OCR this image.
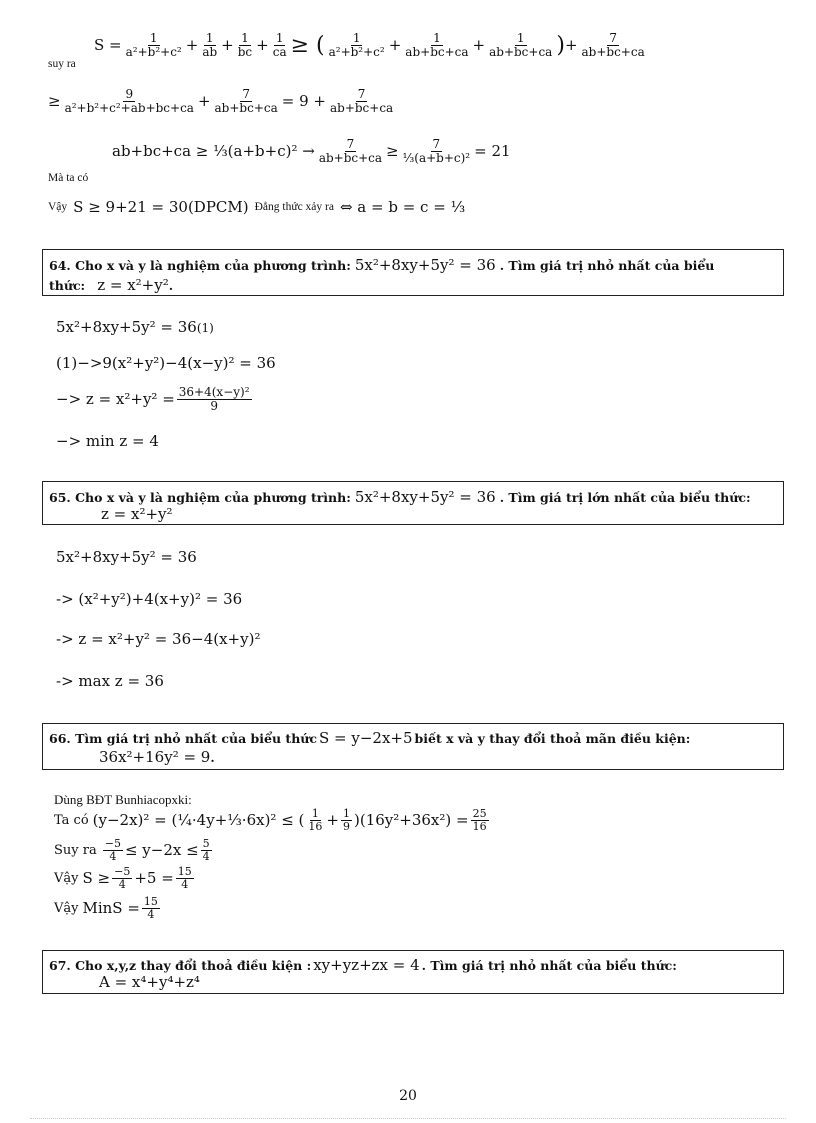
suy ra
$S = \frac{1}{\text{a²+b²+c²}} + \frac{1}{ab} + \frac{1}{bc} + \frac{1}{ca}$ ≥ ( $\frac{1}{\text{a²+b²+c²}} + \frac{1}{ab+bc+ca} + \frac{1}{ab+bc+ca}$ ) + $\frac{7}{ab+bc+ca}$
≥ $\frac{9}{\text{a²+b²+c²+ab+bc+ca}} + \frac{7}{ab+bc+ca} = 9 + \frac{7}{ab+bc+ca}$
Mà ta có
ab+bc+ca ≥ ⅓(a+b+c)² → $\frac{7}{ab+bc+ca} \ge \frac{7}{\text{⅓(a+b+c)²}} = 21$
Vậy S ≥ 9+21 = 30(DPCM) Đẳng thức xảy ra ⇔ a = b = c = ⅓
64. Cho x và y là nghiệm của phương trình: 5x²+8xy+5y² = 36 . Tìm giá trị nhỏ nhất của biểu
thức: z = x²+y² .
5x²+8xy+5y² = 36(1)
(1)−>9(x²+y²)−4(x−y)² = 36
−> $z = x^2+y^2 = \frac{\text{36+4(x−y)²}}{9}$
−> min z = 4
65. Cho x và y là nghiệm của phương trình: 5x²+8xy+5y² = 36 . Tìm giá trị lớn nhất của biểu thức:
z = x²+y²
5x²+8xy+5y² = 36
-> (x²+y²)+4(x+y)² = 36
-> z = x²+y² = 36−4(x+y)²
-> max z = 36
66. Tìm giá trị nhỏ nhất của biểu thức S = y−2x+5 biết x và y thay đổi thoả mãn điều kiện:
36x²+16y² = 9 .
Dùng BĐT Bunhiacopxki:
Ta có (y−2x)² = (¼·4y+⅓·6x)² ≤ ( $\frac{1}{16} + \frac{1}{9} )(16y^2+36x^2) = \frac{25}{16}$
Suy ra $\frac{-5}{4} \le y-2x \le \frac{5}{4}$
Vậy $S \ge \frac{-5}{4} +5 = \frac{15}{4}$
Vậy MinS = $\frac{15}{4}$
67. Cho x,y,z thay đổi thoả điều kiện : xy+yz+zx = 4 . Tìm giá trị nhỏ nhất của biểu thức:
A = x⁴+y⁴+z⁴
20
